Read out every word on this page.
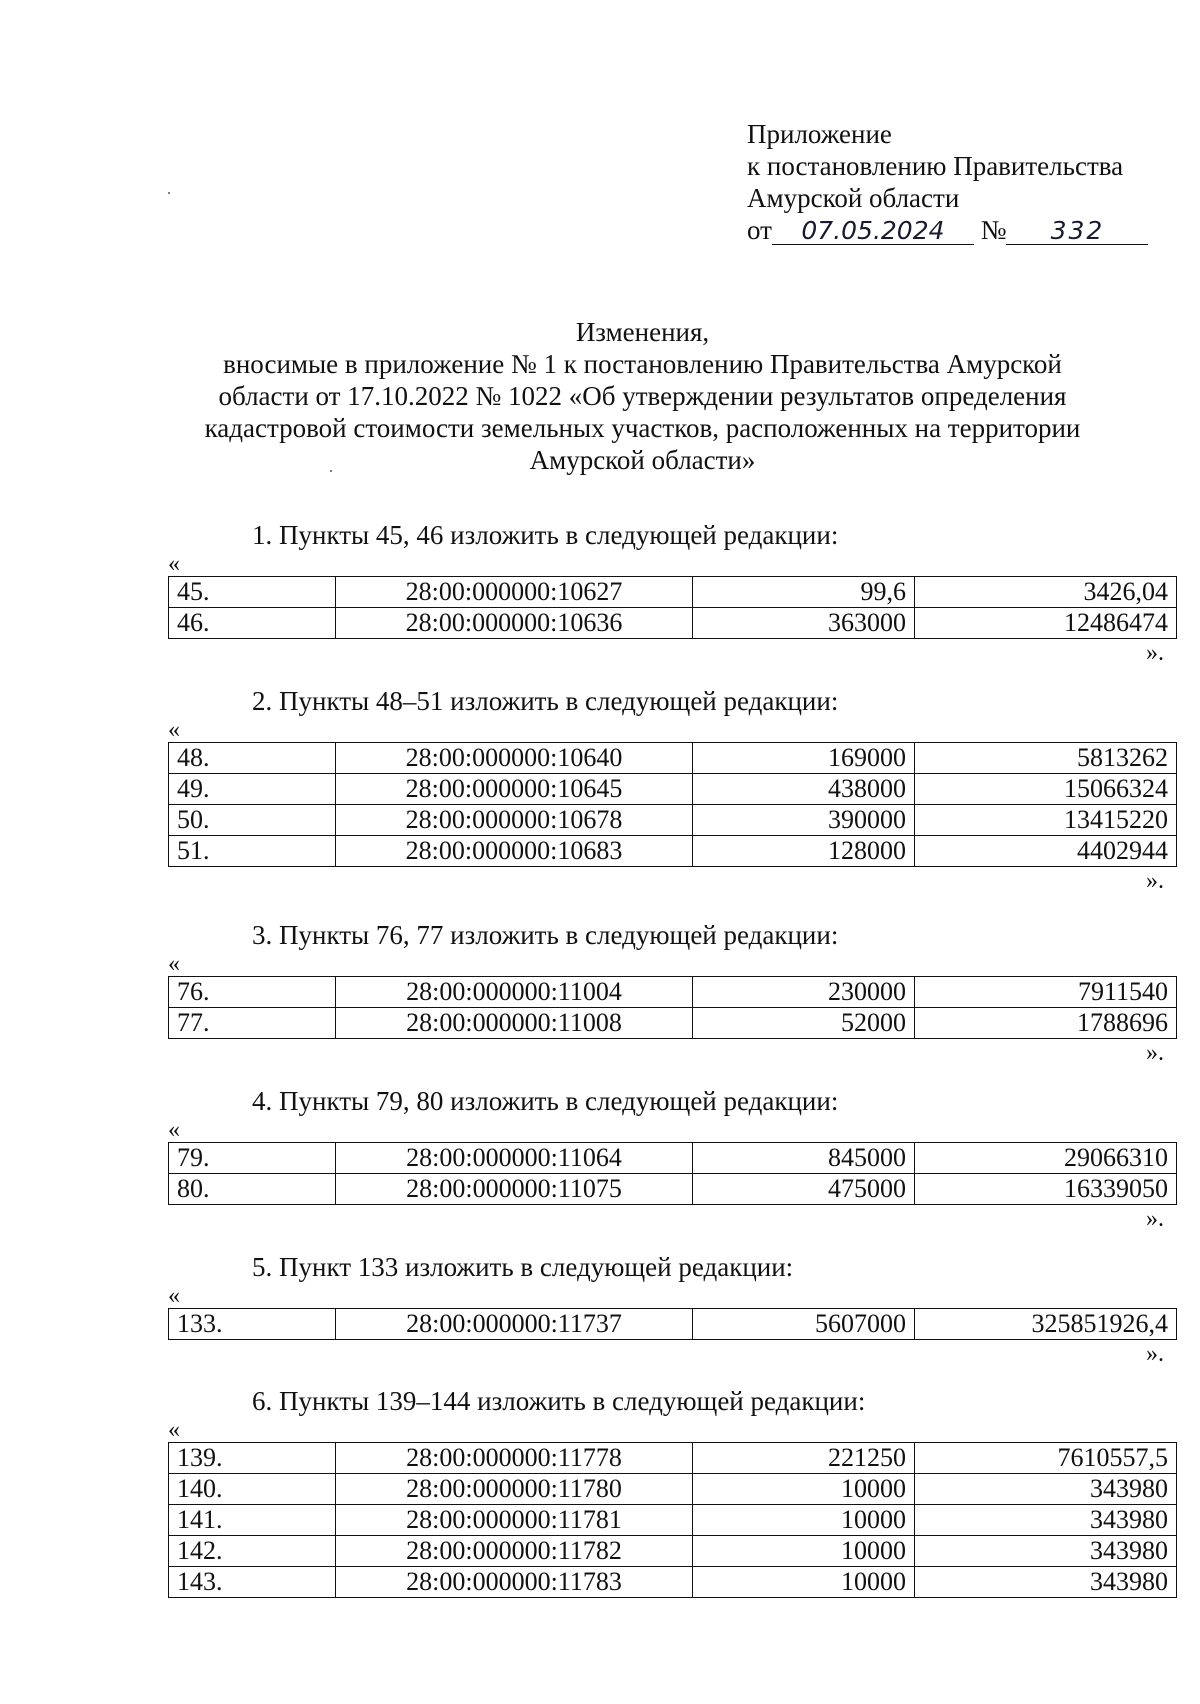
Приложение
к постановлению Правительства
Амурской области
от 07.05.2024 № 332
Изменения,
вносимые в приложение № 1 к постановлению Правительства Амурской
области от 17.10.2022 № 1022 «Об утверждении результатов определения
кадастровой стоимости земельных участков, расположенных на территории
Амурской области»
1. Пункты 45, 46 изложить в следующей редакции:
«
45.	28:00:000000:10627	99,6	3426,04
46.	28:00:000000:10636	363000	12486474
».
2. Пункты 48–51 изложить в следующей редакции:
«
48.	28:00:000000:10640	169000	5813262
49.	28:00:000000:10645	438000	15066324
50.	28:00:000000:10678	390000	13415220
51.	28:00:000000:10683	128000	4402944
».
3. Пункты 76, 77 изложить в следующей редакции:
«
76.	28:00:000000:11004	230000	7911540
77.	28:00:000000:11008	52000	1788696
».
4. Пункты 79, 80 изложить в следующей редакции:
«
79.	28:00:000000:11064	845000	29066310
80.	28:00:000000:11075	475000	16339050
».
5. Пункт 133 изложить в следующей редакции:
«
133.	28:00:000000:11737	5607000	325851926,4
».
6. Пункты 139–144 изложить в следующей редакции:
«
139.	28:00:000000:11778	221250	7610557,5
140.	28:00:000000:11780	10000	343980
141.	28:00:000000:11781	10000	343980
142.	28:00:000000:11782	10000	343980
143.	28:00:000000:11783	10000	343980
